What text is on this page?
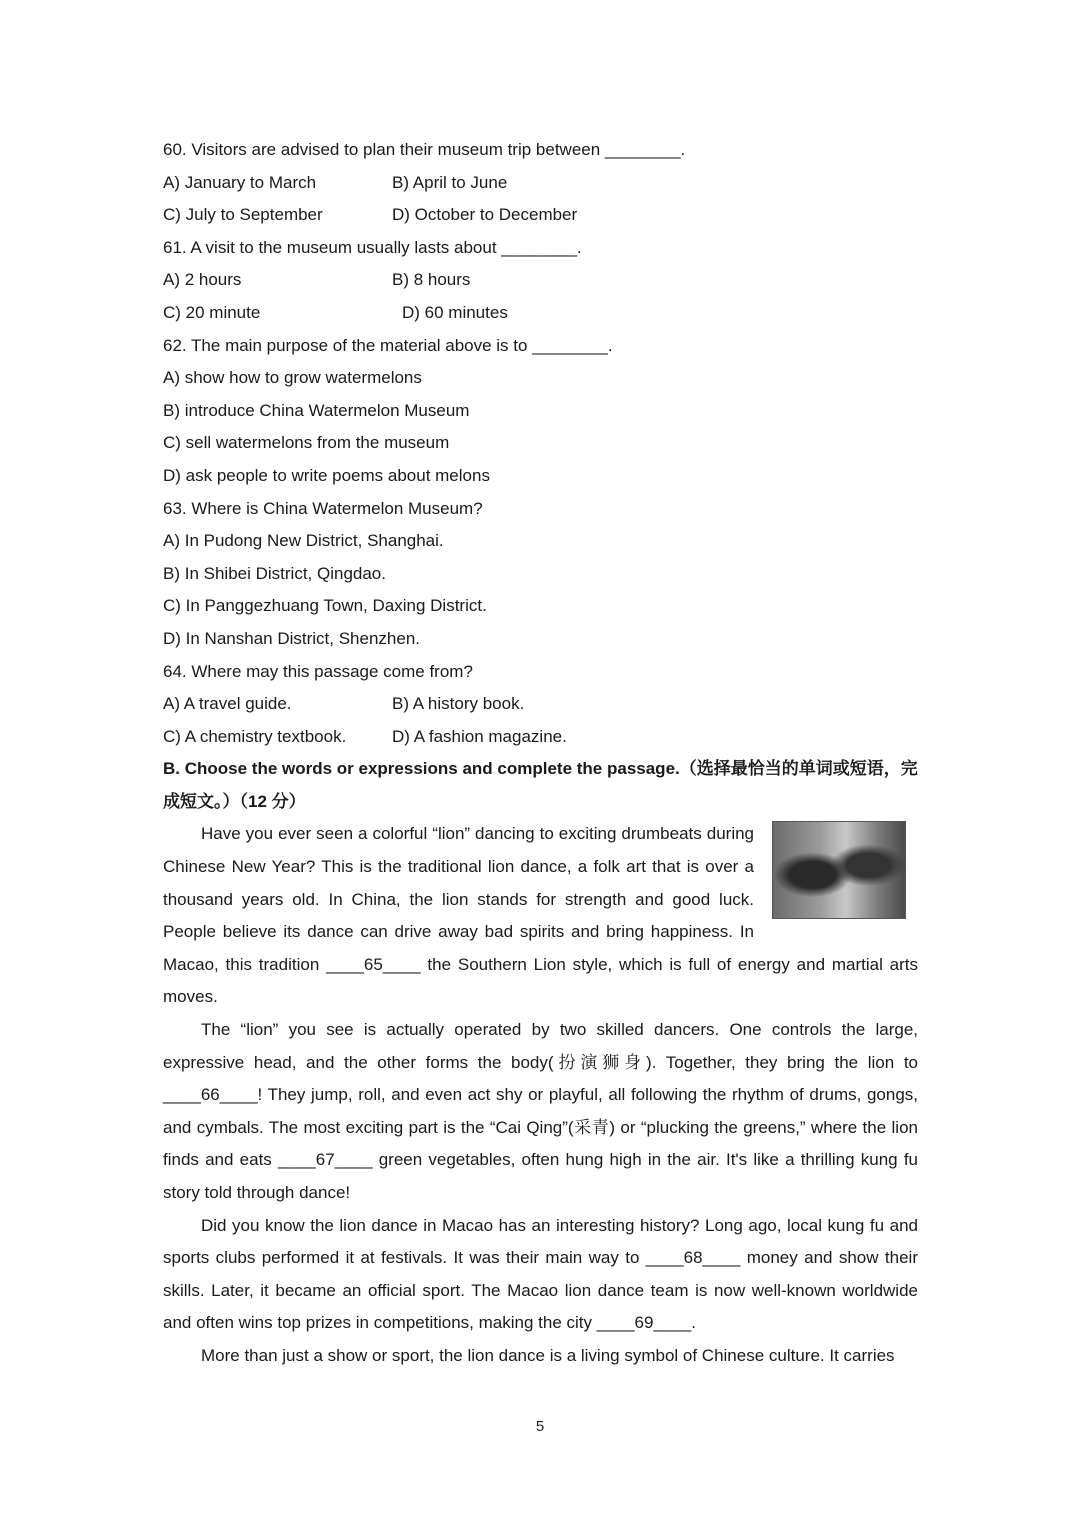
60. Visitors are advised to plan their museum trip between ________.
A) January to March	B) April to June
C) July to September	D) October to December
61. A visit to the museum usually lasts about ________.
A) 2 hours	B) 8 hours
C) 20 minute	D) 60 minutes
62. The main purpose of the material above is to ________.
A) show how to grow watermelons
B) introduce China Watermelon Museum
C) sell watermelons from the museum
D) ask people to write poems about melons
63. Where is China Watermelon Museum?
A) In Pudong New District, Shanghai.
B) In Shibei District, Qingdao.
C) In Panggezhuang Town, Daxing District.
D) In Nanshan District, Shenzhen.
64. Where may this passage come from?
A) A travel guide.	B) A history book.
C) A chemistry textbook.	D) A fashion magazine.
B. Choose the words or expressions and complete the passage.（选择最恰当的单词或短语，完成短文。）（12 分）
Have you ever seen a colorful “lion” dancing to exciting drumbeats during Chinese New Year? This is the traditional lion dance, a folk art that is over a thousand years old. In China, the lion stands for strength and good luck. People believe its dance can drive away bad spirits and bring happiness. In Macao, this tradition ____65____ the Southern Lion style, which is full of energy and martial arts moves.
The “lion” you see is actually operated by two skilled dancers. One controls the large, expressive head, and the other forms the body(扮演狮身). Together, they bring the lion to ____66____! They jump, roll, and even act shy or playful, all following the rhythm of drums, gongs, and cymbals. The most exciting part is the “Cai Qing”(采青) or “plucking the greens,” where the lion finds and eats ____67____ green vegetables, often hung high in the air. It's like a thrilling kung fu story told through dance!
Did you know the lion dance in Macao has an interesting history? Long ago, local kung fu and sports clubs performed it at festivals. It was their main way to ____68____ money and show their skills. Later, it became an official sport. The Macao lion dance team is now well-known worldwide and often wins top prizes in competitions, making the city ____69____.
More than just a show or sport, the lion dance is a living symbol of Chinese culture. It carries
5
